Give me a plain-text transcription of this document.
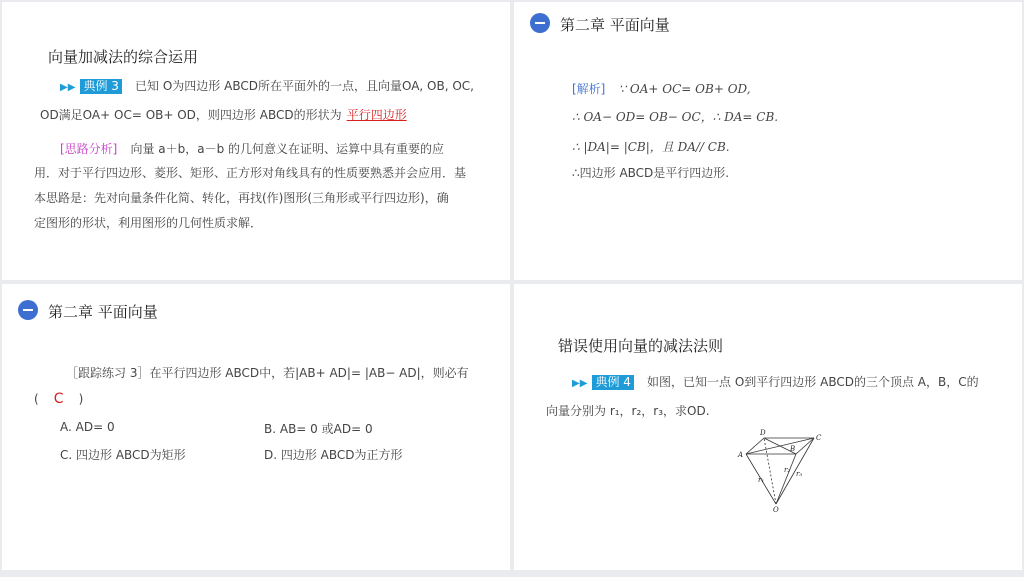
向量加减法的综合运用
▶▶ 典例 3 已知 O为四边形 ABCD所在平面外的一点，且向量OA, OB, OC,
OD满足OA+ OC= OB+ OD，则四边形 ABCD的形状为 平行四边形
[思路分析] 向量 a＋b，a－b 的几何意义在证明、运算中具有重要的应
用．对于平行四边形、菱形、矩形、正方形对角线具有的性质要熟悉并会应用．基
本思路是：先对向量条件化简、转化，再找(作)图形(三角形或平行四边形)，确
定图形的形状，利用图形的几何性质求解．
第二章 平面向量
[解析] ∵ OA+ OC= OB+ OD,
∴ OA− OD= OB− OC，∴ DA= CB.
∴ |DA|= |CB|，且 DA// CB.
∴四边形 ABCD是平行四边形.
第二章 平面向量
［跟踪练习 3］在平行四边形 ABCD中，若|AB+ AD|= |AB− AD|，则必有
( C )
A. AD= 0	B. AB= 0 或AD= 0
C. 四边形 ABCD为矩形	D. 四边形 ABCD为正方形
错误使用向量的减法法则
▶▶ 典例 4 如图，已知一点 O到平行四边形 ABCD的三个顶点 A，B，C的
向量分别为 r₁，r₂，r₃，求OD.
D
C
B
A
r₂ r₃
r₁
O
